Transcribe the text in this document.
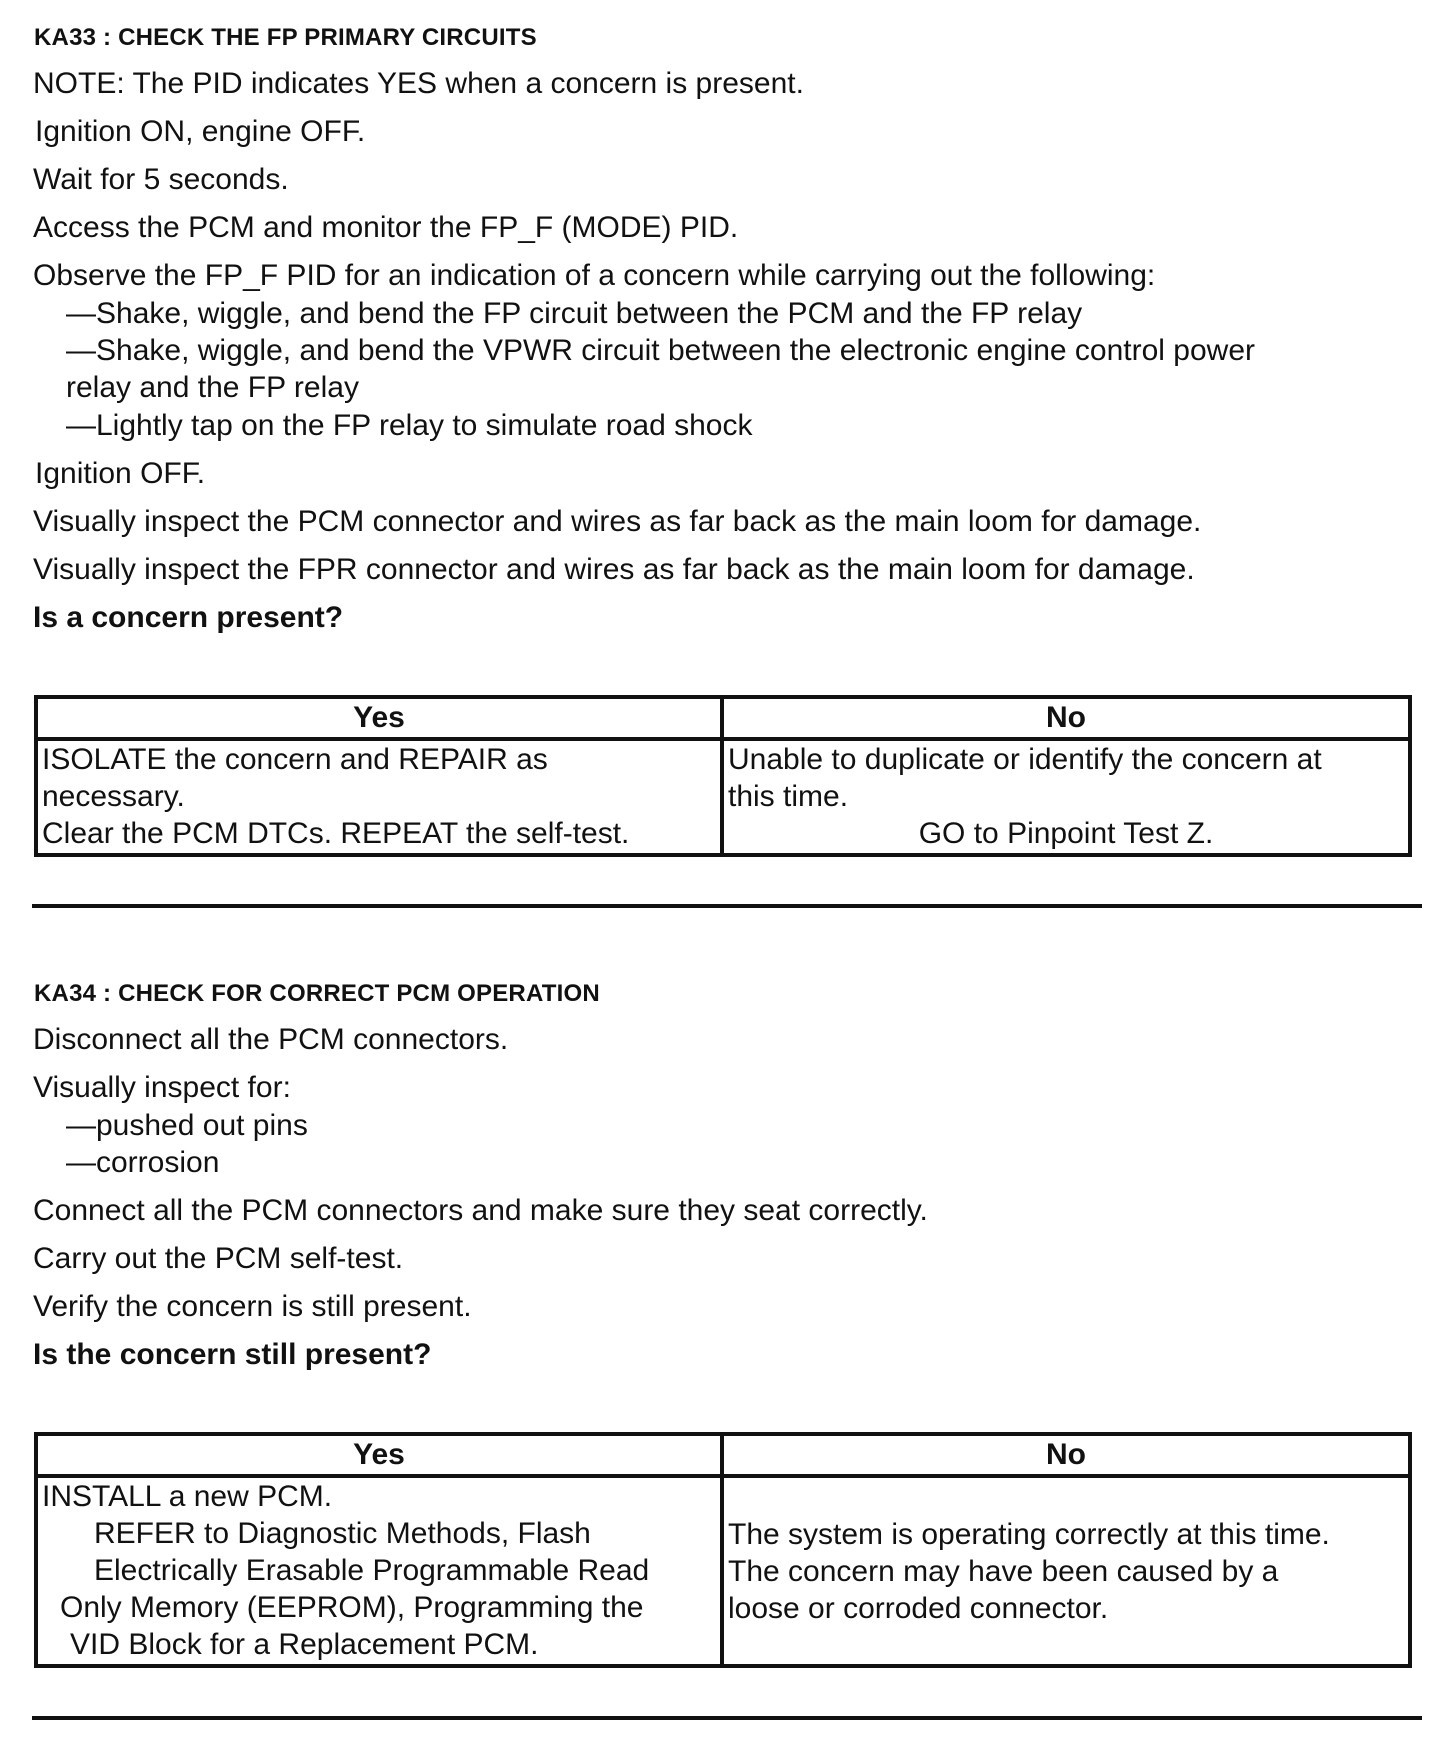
KA33 : CHECK THE FP PRIMARY CIRCUITS
NOTE: The PID indicates YES when a concern is present.
Ignition ON, engine OFF.
Wait for 5 seconds.
Access the PCM and monitor the FP_F (MODE) PID.
Observe the FP_F PID for an indication of a concern while carrying out the following:
—Shake, wiggle, and bend the FP circuit between the PCM and the FP relay
—Shake, wiggle, and bend the VPWR circuit between the electronic engine control power
relay and the FP relay
—Lightly tap on the FP relay to simulate road shock
Ignition OFF.
Visually inspect the PCM connector and wires as far back as the main loom for damage.
Visually inspect the FPR connector and wires as far back as the main loom for damage.
Is a concern present?
Yes	No

ISOLATE the concern and REPAIR as
necessary.
Clear the PCM DTCs. REPEAT the self-test.	Unable to duplicate or identify the concern at
this time.
GO to Pinpoint Test Z.
KA34 : CHECK FOR CORRECT PCM OPERATION
Disconnect all the PCM connectors.
Visually inspect for:
—pushed out pins
—corrosion
Connect all the PCM connectors and make sure they seat correctly.
Carry out the PCM self-test.
Verify the concern is still present.
Is the concern still present?
Yes	No

INSTALL a new PCM.
REFER to Diagnostic Methods, Flash
Electrically Erasable Programmable Read
Only Memory (EEPROM), Programming the
VID Block for a Replacement PCM.	The system is operating correctly at this time.
The concern may have been caused by a
loose or corroded connector.
